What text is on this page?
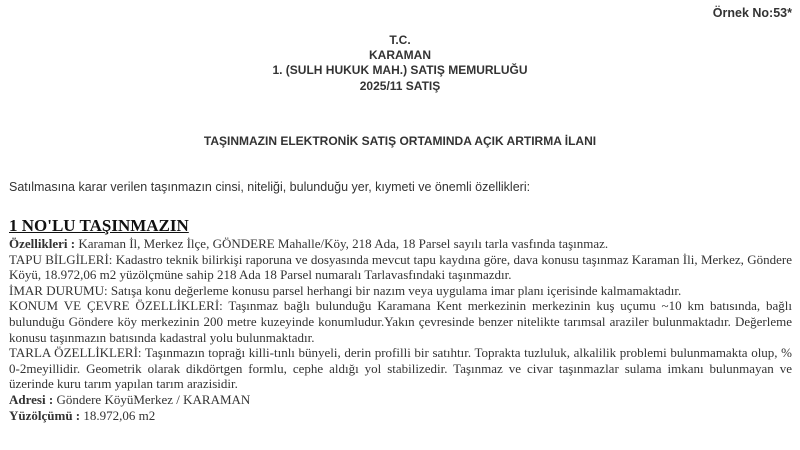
Örnek No:53*
T.C.
KARAMAN
1. (SULH HUKUK MAH.) SATIŞ MEMURLUĞU
2025/11 SATIŞ
TAŞINMAZIN ELEKTRONİK SATIŞ ORTAMINDA AÇIK ARTIRMA İLANI
Satılmasına karar verilen taşınmazın cinsi, niteliği, bulunduğu yer, kıymeti ve önemli özellikleri:

1 NO'LU TAŞINMAZIN

Özellikleri : Karaman İl, Merkez İlçe, GÖNDERE Mahalle/Köy, 218 Ada, 18 Parsel sayılı tarla vasfında taşınmaz.

TAPU BİLGİLERİ: Kadastro teknik bilirkişi raporuna ve dosyasında mevcut tapu kaydına göre, dava konusu taşınmaz Karaman İli, Merkez, Göndere Köyü, 18.972,06 m2 yüzölçmüne sahip 218 Ada 18 Parsel numaralı Tarlavasfındaki taşınmazdır.

İMAR DURUMU: Satışa konu değerleme konusu parsel herhangi bir nazım veya uygulama imar planı içerisinde kalmamaktadır.

KONUM VE ÇEVRE ÖZELLİKLERİ: Taşınmaz bağlı bulunduğu Karamana Kent merkezinin merkezinin kuş uçumu ~10 km batısında, bağlı bulunduğu Göndere köy merkezinin 200 metre kuzeyinde konumludur.Yakın çevresinde benzer nitelikte tarımsal araziler bulunmaktadır. Değerleme konusu taşınmazın batısında kadastral yolu bulunmaktadır.

TARLA ÖZELLİKLERİ: Taşınmazın toprağı killi-tınlı bünyeli, derin profilli bir satıhtır. Toprakta tuzluluk, alkalilik problemi bulunmamakta olup, % 0-2meyillidir. Geometrik olarak dikdörtgen formlu, cephe aldığı yol stabilizedir. Taşınmaz ve civar taşınmazlar sulama imkanı bulunmayan ve üzerinde kuru tarım yapılan tarım arazisidir.

Adresi : Göndere KöyüMerkez / KARAMAN

Yüzölçümü : 18.972,06 m2
